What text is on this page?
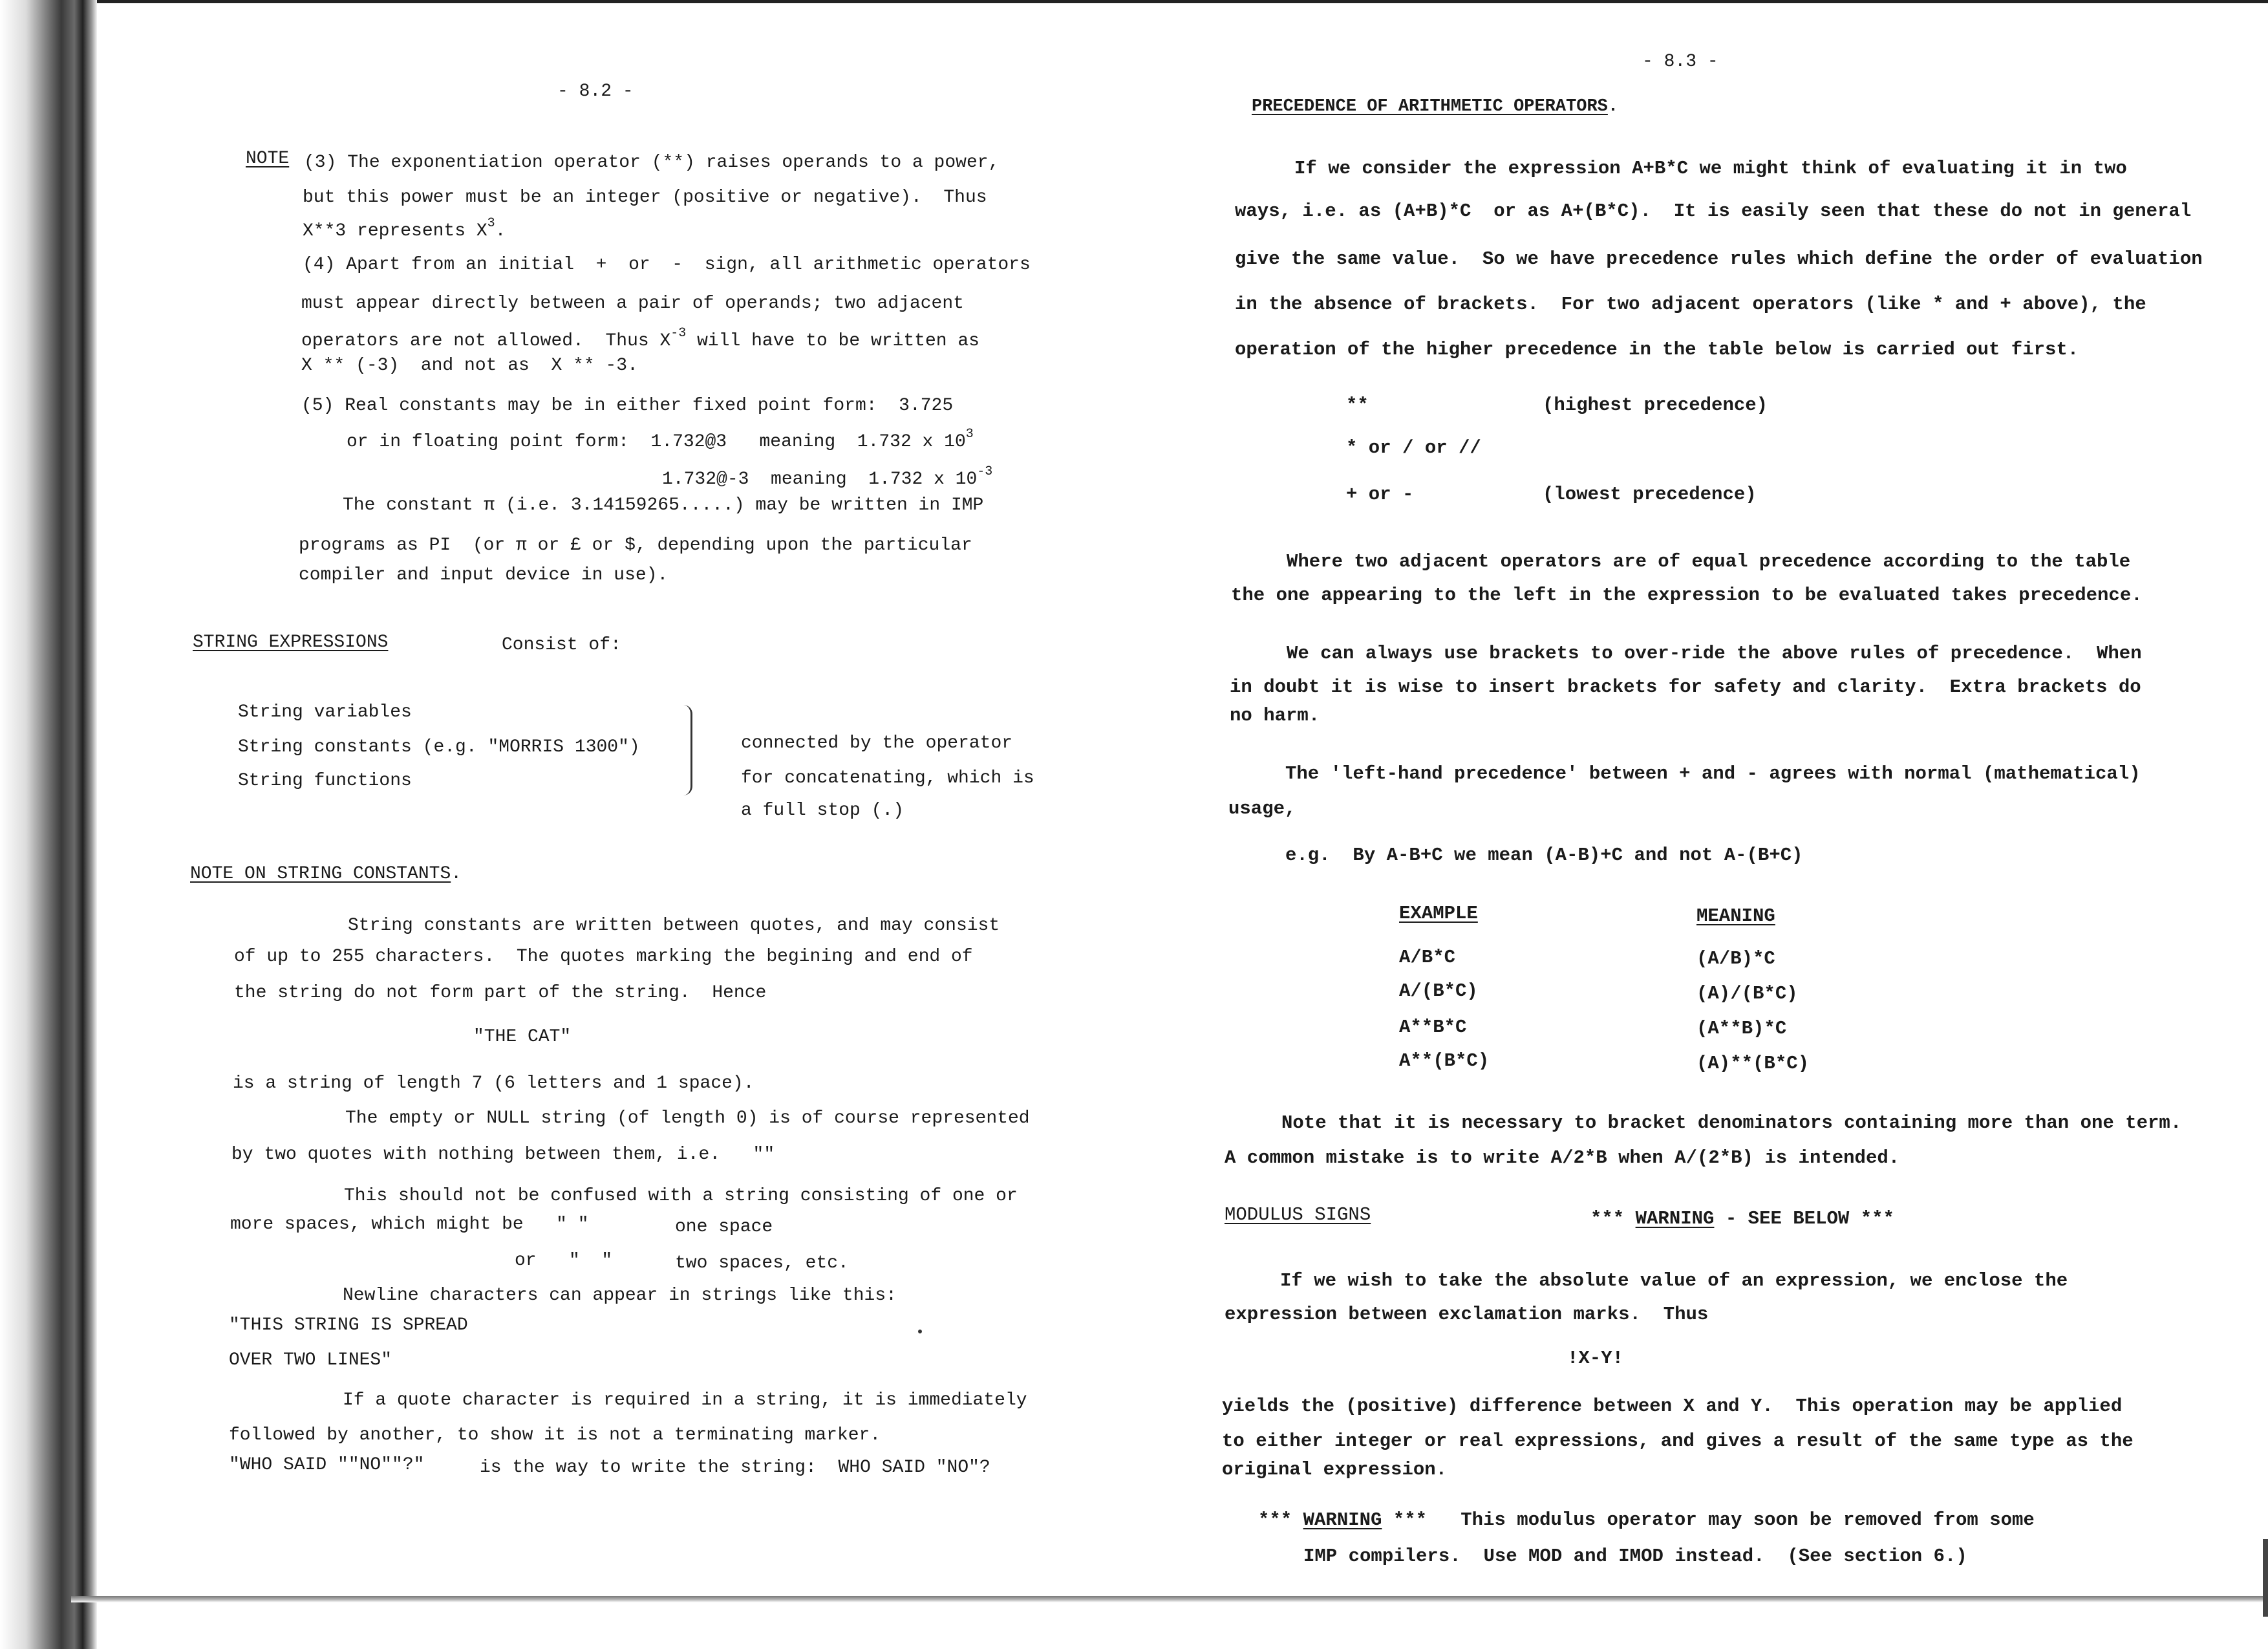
- 8.2 -
NOTE (3) The exponentiation operator (**) raises operands to a power,
but this power must be an integer (positive or negative).  Thus
X**3 represents $X^3$.
(4) Apart from an initial  +  or  -  sign, all arithmetic operators
must appear directly between a pair of operands; two adjacent
operators are not allowed.  Thus $X^{-3}$ will have to be written as
X ** (-3)  and not as  X ** -3.
(5) Real constants may be in either fixed point form:  3.725
or in floating point form:  1.732@3   meaning  1.732 x $10^3$
1.732@-3  meaning  1.732 x $10^{-3}$
The constant π (i.e. 3.14159265.....) may be written in IMP
programs as PI  (or π or £ or $, depending upon the particular
compiler and input device in use).
STRING EXPRESSIONS	Consist of:
String variables
String constants (e.g. "MORRIS 1300")
String functions
connected by the operator
for concatenating, which is
a full stop (.)
NOTE ON STRING CONSTANTS.
String constants are written between quotes, and may consist
of up to 255 characters.  The quotes marking the begining and end of
the string do not form part of the string.  Hence
"THE CAT"
is a string of length 7 (6 letters and 1 space).
The empty or NULL string (of length 0) is of course represented
by two quotes with nothing between them, i.e.   ""
This should not be confused with a string consisting of one or
more spaces, which might be   " "	one space
or   "  "	two spaces, etc.
Newline characters can appear in strings like this:
"THIS STRING IS SPREAD
OVER TWO LINES"
If a quote character is required in a string, it is immediately
followed by another, to show it is not a terminating marker.
"WHO SAID ""NO""?"	is the way to write the string:  WHO SAID "NO"?
- 8.3 -
PRECEDENCE OF ARITHMETIC OPERATORS.
If we consider the expression A+B*C we might think of evaluating it in two
ways, i.e. as (A+B)*C  or as A+(B*C).  It is easily seen that these do not in general
give the same value.  So we have precedence rules which define the order of evaluation
in the absence of brackets.  For two adjacent operators (like * and + above), the
operation of the higher precedence in the table below is carried out first.
**	(highest precedence)
* or / or //
+ or -	(lowest precedence)
Where two adjacent operators are of equal precedence according to the table
the one appearing to the left in the expression to be evaluated takes precedence.
We can always use brackets to over-ride the above rules of precedence.  When
in doubt it is wise to insert brackets for safety and clarity.  Extra brackets do
no harm.
The 'left-hand precedence' between + and - agrees with normal (mathematical)
usage,
e.g.  By A-B+C we mean (A-B)+C and not A-(B+C)
EXAMPLE	MEANING
A/B*C	(A/B)*C
A/(B*C)	(A)/(B*C)
A**B*C	(A**B)*C
A**(B*C)	(A)**(B*C)
Note that it is necessary to bracket denominators containing more than one term.
A common mistake is to write A/2*B when A/(2*B) is intended.
MODULUS SIGNS	*** WARNING - SEE BELOW ***
If we wish to take the absolute value of an expression, we enclose the
expression between exclamation marks.  Thus
!X-Y!
yields the (positive) difference between X and Y.  This operation may be applied
to either integer or real expressions, and gives a result of the same type as the
original expression.
*** WARNING ***   This modulus operator may soon be removed from some
IMP compilers.  Use MOD and IMOD instead.  (See section 6.)
